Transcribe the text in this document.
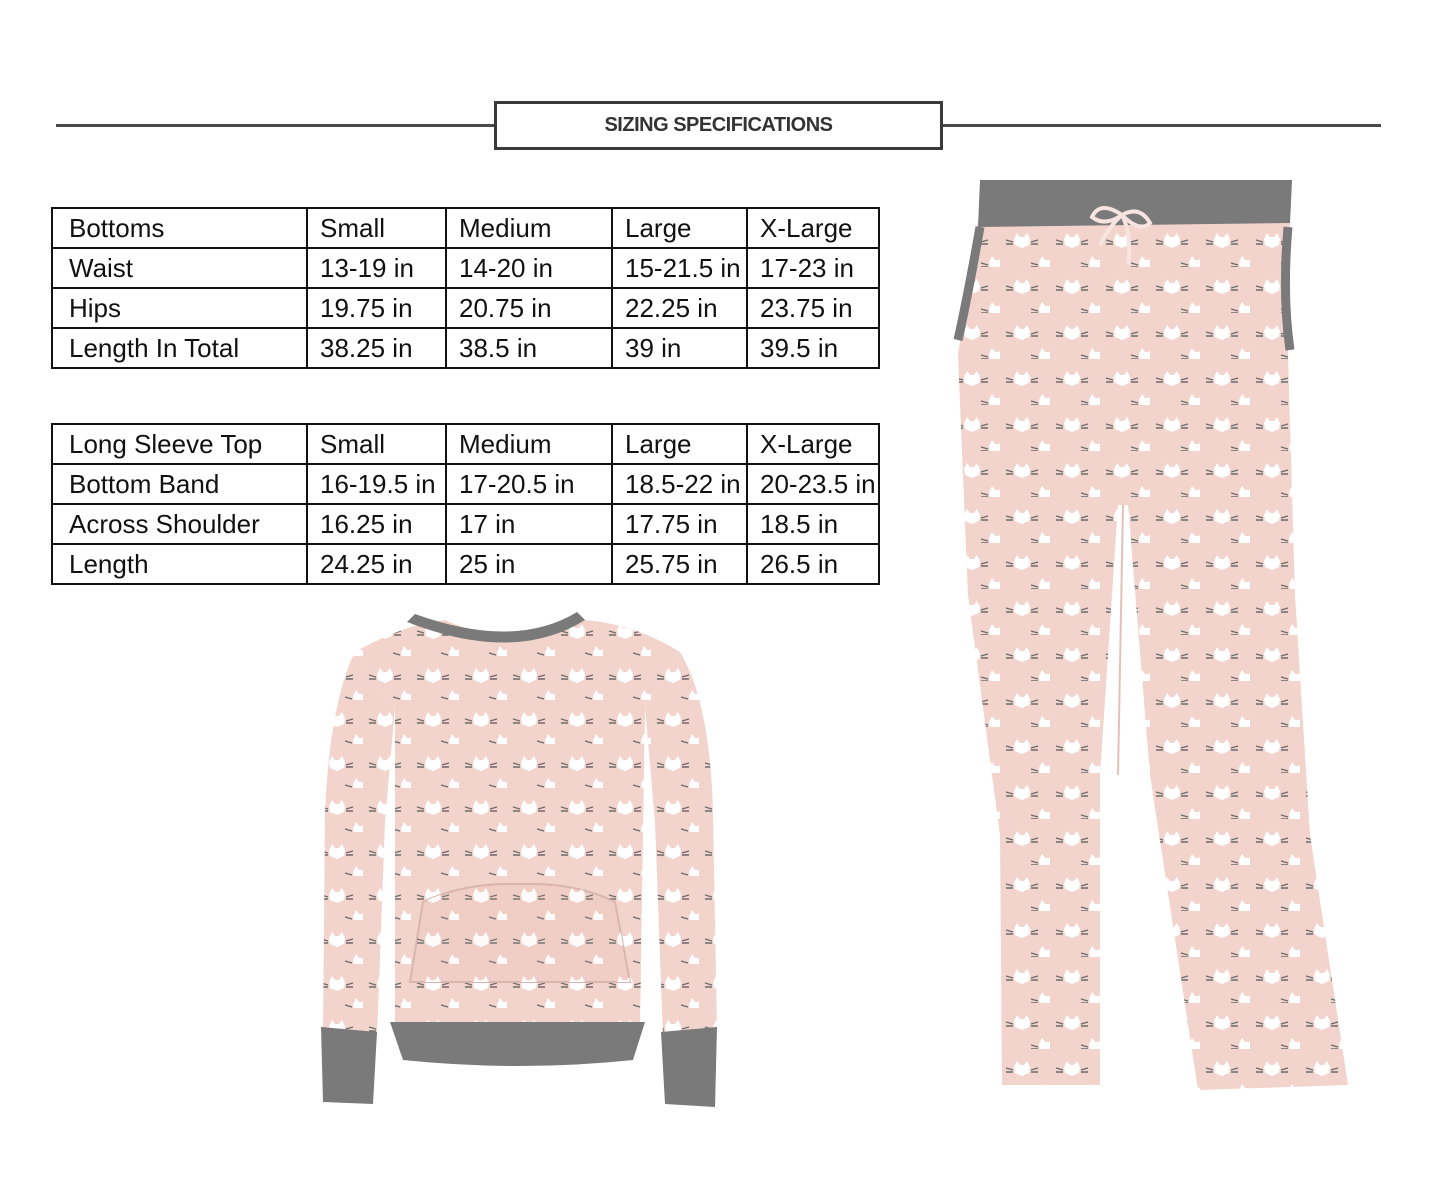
SIZING SPECIFICATIONS
Bottoms	Small	Medium	Large	X-Large
Waist	13-19 in	14-20 in	15-21.5 in	17-23 in
Hips	19.75 in	20.75 in	22.25 in	23.75 in
Length In Total	38.25 in	38.5 in	39 in	39.5 in
Long Sleeve Top	Small	Medium	Large	X-Large
Bottom Band	16-19.5 in	17-20.5 in	18.5-22 in	20-23.5 in
Across Shoulder	16.25 in	17 in	17.75 in	18.5 in
Length	24.25 in	25 in	25.75 in	26.5 in
